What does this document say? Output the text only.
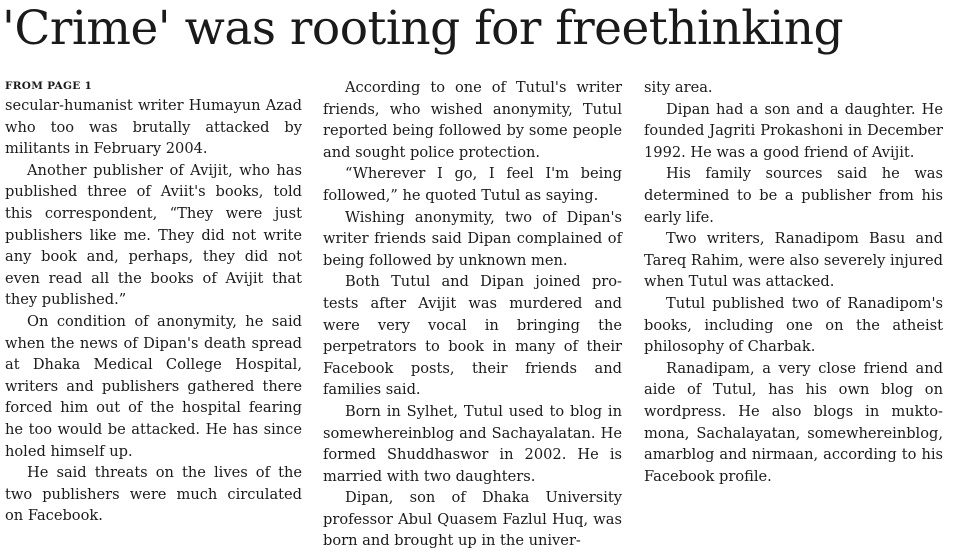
'Crime' was rooting for freethinking
FROM PAGE 1

secular-humanist writer Humayun Azad who too was brutally attacked by militants in February 2004.

Another publisher of Avijit, who has published three of Aviit's books, told this correspondent, “They were just publishers like me. They did not write any book and, perhaps, they did not even read all the books of Avijit that they published.”

On condition of anonymity, he said when the news of Dipan's death spread at Dhaka Medical College Hospital, writers and publishers gathered there forced him out of the hospital fearing he too would be attacked. He has since holed himself up.

He said threats on the lives of the two publishers were much circulated on Facebook.

According to one of Tutul's writer friends, who wished anonymity, Tutul reported being followed by some people and sought police protection.

“Wherever I go, I feel I'm being followed,” he quoted Tutul as saying.

Wishing anonymity, two of Dipan's writer friends said Dipan complained of being followed by unknown men.

Both Tutul and Dipan joined pro-tests after Avijit was murdered and were very vocal in bringing the perpetrators to book in many of their Facebook posts, their friends and families said.

Born in Sylhet, Tutul used to blog in somewhereinblog and Sachayalatan. He formed Shuddhaswor in 2002. He is married with two daughters.

Dipan, son of Dhaka University professor Abul Quasem Fazlul Huq, was born and brought up in the univer-

sity area.

Dipan had a son and a daughter. He founded Jagriti Prokashoni in December 1992. He was a good friend of Avijit.

His family sources said he was determined to be a publisher from his early life.

Two writers, Ranadipom Basu and Tareq Rahim, were also severely injured when Tutul was attacked.

Tutul published two of Ranadipom's books, including one on the atheist philosophy of Charbak.

Ranadipam, a very close friend and aide of Tutul, has his own blog on wordpress. He also blogs in mukto-mona, Sachalayatan, somewhereinblog, amarblog and nirmaan, according to his Facebook profile.
